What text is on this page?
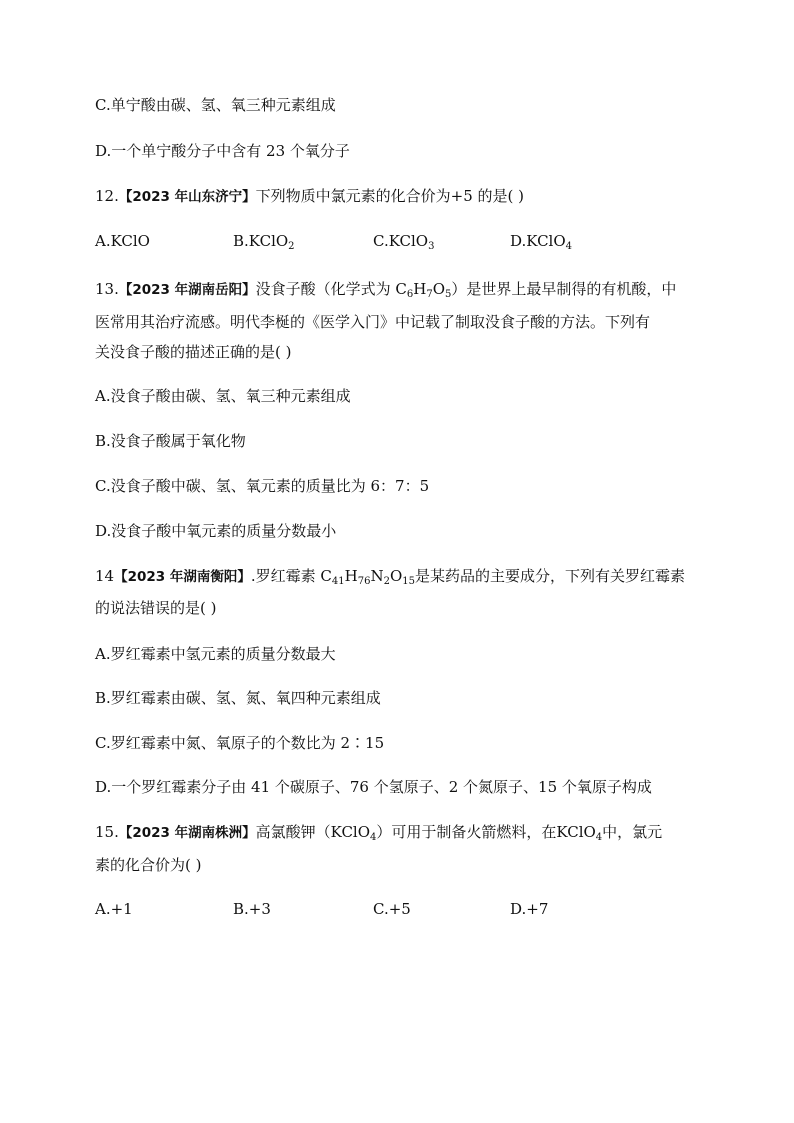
C.单宁酸由碳、氢、氧三种元素组成
D.一个单宁酸分子中含有 23 个氧分子
12.【2023 年山东济宁】下列物质中氯元素的化合价为+5 的是( )
A.KClO	B.KClO$_2$	C.KClO$_3$	D.KClO$_4$
13.【2023 年湖南岳阳】没食子酸（化学式为 $C_6H_7O_5$）是世界上最早制得的有机酸，中
医常用其治疗流感。明代李梴的《医学入门》中记载了制取没食子酸的方法。下列有
关没食子酸的描述正确的是( )
A.没食子酸由碳、氢、氧三种元素组成
B.没食子酸属于氧化物
C.没食子酸中碳、氢、氧元素的质量比为 6：7：5
D.没食子酸中氧元素的质量分数最小
14【2023 年湖南衡阳】.罗红霉素 $C_{41}H_{76}N_2O_{15}$是某药品的主要成分，下列有关罗红霉素
的说法错误的是( )
A.罗红霉素中氢元素的质量分数最大
B.罗红霉素由碳、氢、氮、氧四种元素组成
C.罗红霉素中氮、氧原子的个数比为 2∶15
D.一个罗红霉素分子由 41 个碳原子、76 个氢原子、2 个氮原子、15 个氧原子构成
15.【2023 年湖南株洲】高氯酸钾（KClO$_4$）可用于制备火箭燃料，在KClO$_4$中，氯元
素的化合价为( )
A.+1	B.+3	C.+5	D.+7
